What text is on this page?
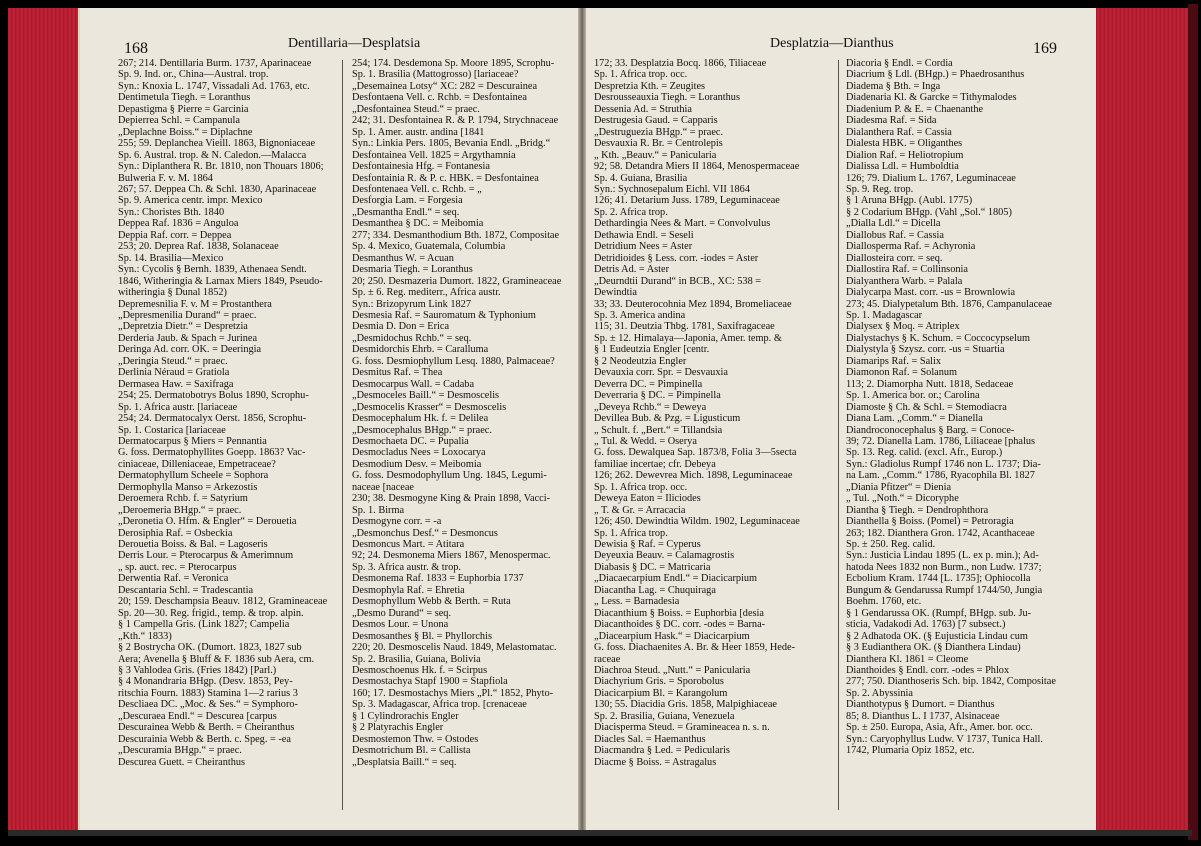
168	Dentillaria—Desplatsia
267; 214. Dentillaria Burm. 1737, Aparinaceae
Sp. 9. Ind. or., China—Austral. trop.
Syn.: Knoxia L. 1747, Vissadali Ad. 1763, etc.
Dentimetula Tiegh. = Loranthus
Depastigma § Pierre = Garcinia
Depierrea Schl. = Campanula
„Deplachne Boiss.“ = Diplachne
255; 59. Deplanchea Vieill. 1863, Bignoniaceae
Sp. 6. Austral. trop. & N. Caledon.—Malacca
Syn.: Diplanthera R. Br. 1810, non Thouars 1806;
Bulweria F. v. M. 1864
267; 57. Deppea Ch. & Schl. 1830, Aparinaceae
Sp. 9. America centr. impr. Mexico
Syn.: Choristes Bth. 1840
Deppea Raf. 1836 = Anguloa
Deppia Raf. corr. = Deppea
253; 20. Deprea Raf. 1838, Solanaceae
Sp. 14. Brasilia—Mexico
Syn.: Cycolis § Bernh. 1839, Athenaea Sendt.
1846, Witheringia & Larnax Miers 1849, Pseudo-
witheringia § Dunal 1852)
Depremesnilia F. v. M = Prostanthera
„Depresmenilia Durand“ = praec.
„Depretzia Dietr.“ = Despretzia
Derderia Jaub. & Spach = Jurinea
Deringa Ad. corr. OK. = Deeringia
„Deringia Steud.“ = praec.
Derlinia Néraud = Gratiola
Dermasea Haw. = Saxifraga
254; 25. Dermatobotrys Bolus 1890, Scrophu-
Sp. 1. Africa austr. [lariaceae
254; 24. Dermatocalyx Oerst. 1856, Scrophu-
Sp. 1. Costarica [lariaceae
Dermatocarpus § Miers = Pennantia
G. foss. Dermatophyllites Goepp. 1863? Vac-
ciniaceae, Dilleniaceae, Empetraceae?
Dermatophyllum Scheele = Sophora
Dermophylla Manso = Arkezostis
Deroemera Rchb. f. = Satyrium
„Deroemeria BHgp.“ = praec.
„Deronetia O. Hfm. & Engler“ = Derouetia
Derosiphia Raf. = Osbeckia
Derouetia Boiss. & Bal. = Lagoseris
Derris Lour. = Pterocarpus & Amerimnum
„ sp. auct. rec. = Pterocarpus
Derwentia Raf. = Veronica
Descantaria Schl. = Tradescantia
20; 159. Deschampsia Beauv. 1812, Gramineaceae
Sp. 20—30. Reg. frigid., temp. & trop. alpin.
§ 1 Campella Gris. (Link 1827; Campelia
„Kth.“ 1833)
§ 2 Bostrycha OK. (Dumort. 1823, 1827 sub
Aera; Avenella § Bluff & F. 1836 sub Aera, cm.
§ 3 Vahlodea Gris. (Fries 1842) [Parl.)
§ 4 Monandraria BHgp. (Desv. 1853, Pey-
ritschia Fourn. 1883) Stamina 1—2 rarius 3
Descliaea DC. „Moc. & Ses.“ = Symphoro-
„Descuraea Endl.“ = Descurea [carpus
Descurainea Webb & Berth. = Cheiranthus
Descurainia Webb & Berth. c. Speg. = -ea
„Descuramia BHgp.“ = praec.
Descurea Guett. = Cheiranthus
254; 174. Desdemona Sp. Moore 1895, Scrophu-
Sp. 1. Brasilia (Mattogrosso) [lariaceae?
„Desemainea Lotsy“ XC: 282 = Descurainea
Desfontaena Vell. c. Rchb. = Desfontainea
„Desfontainea Steud.“ = praec.
242; 31. Desfontainea R. & P. 1794, Strychnaceae
Sp. 1. Amer. austr. andina [1841
Syn.: Linkia Pers. 1805, Bevania Endl. „Bridg.“
Desfontainea Vell. 1825 = Argythamnia
Desfontainesia Hfg. = Fontanesia
Desfontainia R. & P. c. HBK. = Desfontainea
Desfontenaea Vell. c. Rchb. = „
Desforgia Lam. = Forgesia
„Desmantha Endl.“ = seq.
Desmanthea § DC. = Meibomia
277; 334. Desmanthodium Bth. 1872, Compositae
Sp. 4. Mexico, Guatemala, Columbia
Desmanthus W. = Acuan
Desmaria Tiegh. = Loranthus
20; 250. Desmazeria Dumort. 1822, Gramineaceae
Sp. ± 6. Reg. mediterr., Africa austr.
Syn.: Brizopyrum Link 1827
Desmesia Raf. = Sauromatum & Typhonium
Desmia D. Don = Erica
„Desmidochus Rchb.“ = seq.
Desmidorchis Ehrb. = Caralluma
G. foss. Desmiophyllum Lesq. 1880, Palmaceae?
Desmitus Raf. = Thea
Desmocarpus Wall. = Cadaba
„Desmoceles Baill.“ = Desmoscelis
„Desmocelis Krasser“ = Desmoscelis
Desmocephalum Hk. f. = Delilea
„Desmocephalus BHgp.“ = praec.
Desmochaeta DC. = Pupalia
Desmocladus Nees = Loxocarya
Desmodium Desv. = Meibomia
G. foss. Desmodophyllum Ung. 1845, Legumi-
naceae [naceae
230; 38. Desmogyne King & Prain 1898, Vacci-
Sp. 1. Birma
Desmogyne corr. = -a
„Desmonchus Desf.“ = Desmoncus
Desmoncus Mart. = Atitara
92; 24. Desmonema Miers 1867, Menospermac.
Sp. 3. Africa austr. & trop.
Desmonema Raf. 1833 = Euphorbia 1737
Desmophyla Raf. = Ehretia
Desmophyllum Webb & Berth. = Ruta
„Desmo Durand“ = seq.
Desmos Lour. = Unona
Desmosanthes § Bl. = Phyllorchis
220; 20. Desmoscelis Naud. 1849, Melastomatac.
Sp. 2. Brasilia, Guiana, Bolivia
Desmoschoenus Hk. f. = Scirpus
Desmostachya Stapf 1900 = Stapfiola
160; 17. Desmostachys Miers „Pl.“ 1852, Phyto-
Sp. 3. Madagascar, Africa trop. [crenaceae
§ 1 Cylindrorachis Engler
§ 2 Platyrachis Engler
Desmostemon Thw. = Ostodes
Desmotrichum Bl. = Callista
„Desplatsia Baill.“ = seq.
Desplatzia—Dianthus	169
172; 33. Desplatzia Bocq. 1866, Tiliaceae
Sp. 1. Africa trop. occ.
Despretzia Kth. = Zeugites
Desrousseauxia Tiegh. = Loranthus
Dessenia Ad. = Struthia
Destrugesia Gaud. = Capparis
„Destruguezia BHgp.“ = praec.
Desvauxia R. Br. = Centrolepis
„ Kth. „Beauv.“ = Panicularia
92; 58. Detandra Miers II 1864, Menospermaceae
Sp. 4. Guiana, Brasilia
Syn.: Sychnosepalum Eichl. VII 1864
126; 41. Detarium Juss. 1789, Leguminaceae
Sp. 2. Africa trop.
Dethardingia Nees & Mart. = Convolvulus
Dethawia Endl. = Seseli
Detridium Nees = Aster
Detridioides § Less. corr. -iodes = Aster
Detris Ad. = Aster
„Deurndtii Durand“ in BCB., XC: 538 =
Dewindtia
33; 33. Deuterocohnia Mez 1894, Bromeliaceae
Sp. 3. America andina
115; 31. Deutzia Thbg. 1781, Saxifragaceae
Sp. ± 12. Himalaya—Japonia, Amer. temp. &
§ 1 Eudeutzia Engler [centr.
§ 2 Neodeutzia Engler
Devauxia corr. Spr. = Desvauxia
Deverra DC. = Pimpinella
Deverraria § DC. = Pimpinella
„Deveya Rchb.“ = Deweya
Devillea Bub. & Pzg. = Ligusticum
„ Schult. f. „Bert.“ = Tillandsia
„ Tul. & Wedd. = Oserya
G. foss. Dewalquea Sap. 1873/8, Folia 3—5secta
familiae incertae; cfr. Debeya
126; 262. Dewevrea Mich. 1898, Leguminaceae
Sp. 1. Africa trop. occ.
Deweya Eaton = Iliciodes
„ T. & Gr. = Arracacia
126; 450. Dewindtia Wildm. 1902, Leguminaceae
Sp. 1. Africa trop.
Dewisia § Raf. = Cyperus
Deyeuxia Beauv. = Calamagrostis
Diabasis § DC. = Matricaria
„Diacaecarpium Endl.“ = Diacicarpium
Diacantha Lag. = Chuquiraga
„ Less. = Barnadesia
Diacanthium § Boiss. = Euphorbia [desia
Diacanthoides § DC. corr. -odes = Barna-
„Diacearpium Hask.“ = Diacicarpium
G. foss. Diachaenites A. Br. & Heer 1859, Hede-
raceae
Diachroa Steud. „Nutt.“ = Panicularia
Diachyrium Gris. = Sporobolus
Diacicarpium Bl. = Karangolum
130; 55. Diacidia Gris. 1858, Malpighiaceae
Sp. 2. Brasilia, Guiana, Venezuela
Diacisperma Steud. = Gramineacea n. s. n.
Diacles Sal. = Haemanthus
Diacmandra § Led. = Pedicularis
Diacme § Boiss. = Astragalus
Diacoria § Endl. = Cordia
Diacrium § Ldl. (BHgp.) = Phaedrosanthus
Diadema § Bth. = Inga
Diadenaria Kl. & Garcke = Tithymalodes
Diadenium P. & E. = Chaenanthe
Diadesma Raf. = Sida
Dialanthera Raf. = Cassia
Dialesta HBK. = Oliganthes
Dialion Raf. = Heliotropium
Dialissa Ldl. = Humboldtia
126; 79. Dialium L. 1767, Leguminaceae
Sp. 9. Reg. trop.
§ 1 Aruna BHgp. (Aubl. 1775)
§ 2 Codarium BHgp. (Vahl „Sol.“ 1805)
„Dialla Ldl.“ = Dicella
Diallobus Raf. = Cassia
Diallosperma Raf. = Achyronia
Diallosteira corr. = seq.
Diallostira Raf. = Collinsonia
Dialyanthera Warb. = Palala
Dialycarpa Mast. corr. -us = Brownlowia
273; 45. Dialypetalum Bth. 1876, Campanulaceae
Sp. 1. Madagascar
Dialysex § Moq. = Atriplex
Dialystachys § K. Schum. = Coccocypselum
Dialystyla § Szysz. corr. -us = Stuartia
Diamarips Raf. = Salix
Diamonon Raf. = Solanum
113; 2. Diamorpha Nutt. 1818, Sedaceae
Sp. 1. America bor. or.; Carolina
Diamoste § Ch. & Schl. = Stemodiacra
Diana Lam. „Comm.“ = Dianella
Diandroconocephalus § Barg. = Conoce-
39; 72. Dianella Lam. 1786, Liliaceae [phalus
Sp. 13. Reg. calid. (excl. Afr., Europ.)
Syn.: Gladiolus Rumpf 1746 non L. 1737; Dia-
na Lam. „Comm.“ 1786, Ryacophila Bl. 1827
„Diania Pfitzer“ = Dienia
„ Tul. „Noth.“ = Dicoryphe
Diantha § Tiegh. = Dendrophthora
Dianthella § Boiss. (Pomel) = Petroragia
263; 182. Dianthera Gron. 1742, Acanthaceae
Sp. ± 250. Reg. calid.
Syn.: Justicia Lindau 1895 (L. ex p. min.); Ad-
hatoda Nees 1832 non Burm., non Ludw. 1737;
Ecbolium Kram. 1744 [L. 1735]; Ophiocolla
Bungum & Gendarussa Rumpf 1744/50, Jungia
Boehm. 1760, etc.
§ 1 Gendarussa OK. (Rumpf, BHgp. sub. Ju-
sticia, Vadakodi Ad. 1763) [7 subsect.)
§ 2 Adhatoda OK. (§ Eujusticia Lindau cum
§ 3 Eudianthera OK. (§ Dianthera Lindau)
Dianthera Kl. 1861 = Cleome
Dianthoides § Endl. corr. -odes = Phlox
277; 750. Dianthoseris Sch. bip. 1842, Compositae
Sp. 2. Abyssinia
Dianthotypus § Dumort. = Dianthus
85; 8. Dianthus L. I 1737, Alsinaceae
Sp. ± 250. Europa, Asia, Afr., Amer. bor. occ.
Syn.: Caryophyllus Ludw. V 1737, Tunica Hall.
1742, Plumaria Opiz 1852, etc.
